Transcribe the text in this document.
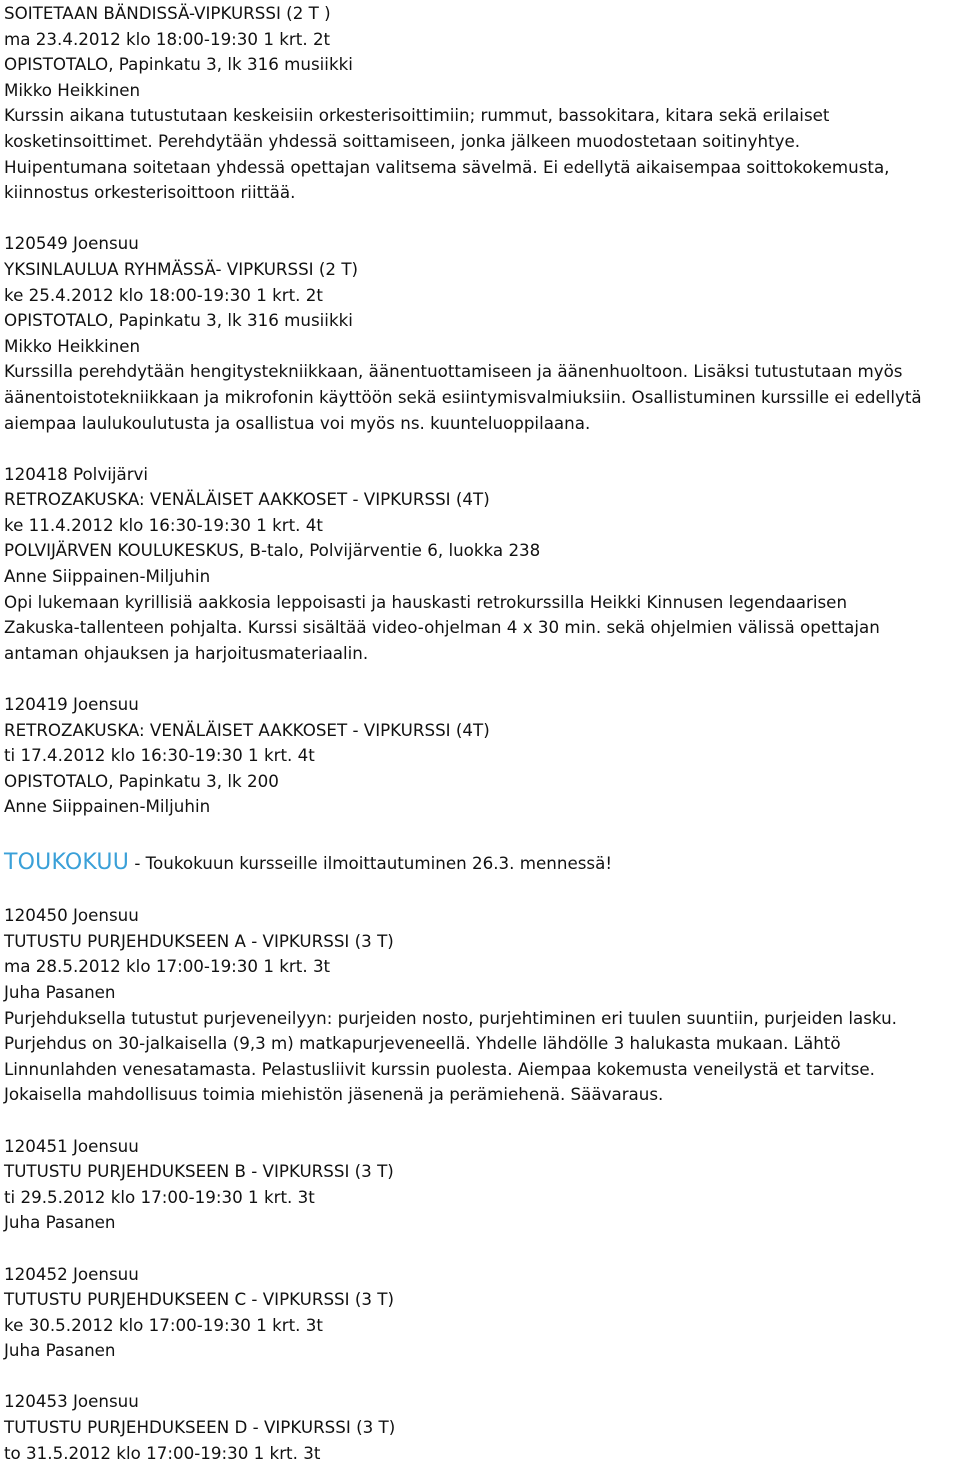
SOITETAAN BÄNDISSÄ-VIPKURSSI (2 T )
ma 23.4.2012 klo 18:00-19:30 1 krt. 2t
OPISTOTALO, Papinkatu 3, lk 316 musiikki
Mikko Heikkinen
Kurssin aikana tutustutaan keskeisiin orkesterisoittimiin; rummut, bassokitara, kitara sekä erilaiset
kosketinsoittimet. Perehdytään yhdessä soittamiseen, jonka jälkeen muodostetaan soitinyhtye.
Huipentumana soitetaan yhdessä opettajan valitsema sävelmä. Ei edellytä aikaisempaa soittokokemusta,
kiinnostus orkesterisoittoon riittää.
120549 Joensuu
YKSINLAULUA RYHMÄSSÄ- VIPKURSSI (2 T)
ke 25.4.2012 klo 18:00-19:30 1 krt. 2t
OPISTOTALO, Papinkatu 3, lk 316 musiikki
Mikko Heikkinen
Kurssilla perehdytään hengitystekniikkaan, äänentuottamiseen ja äänenhuoltoon. Lisäksi tutustutaan myös
äänentoistotekniikkaan ja mikrofonin käyttöön sekä esiintymisvalmiuksiin. Osallistuminen kurssille ei edellytä
aiempaa laulukoulutusta ja osallistua voi myös ns. kuunteluoppilaana.
120418 Polvijärvi
RETROZAKUSKA: VENÄLÄISET AAKKOSET - VIPKURSSI (4T)
ke 11.4.2012 klo 16:30-19:30 1 krt. 4t
POLVIJÄRVEN KOULUKESKUS, B-talo, Polvijärventie 6, luokka 238
Anne Siippainen-Miljuhin
Opi lukemaan kyrillisiä aakkosia leppoisasti ja hauskasti retrokurssilla Heikki Kinnusen legendaarisen
Zakuska-tallenteen pohjalta. Kurssi sisältää video-ohjelman 4 x 30 min. sekä ohjelmien välissä opettajan
antaman ohjauksen ja harjoitusmateriaalin.
120419 Joensuu
RETROZAKUSKA: VENÄLÄISET AAKKOSET - VIPKURSSI (4T)
ti 17.4.2012 klo 16:30-19:30 1 krt. 4t
OPISTOTALO, Papinkatu 3, lk 200
Anne Siippainen-Miljuhin
TOUKOKUU - Toukokuun kursseille ilmoittautuminen 26.3. mennessä!
120450 Joensuu
TUTUSTU PURJEHDUKSEEN A - VIPKURSSI (3 T)
ma 28.5.2012 klo 17:00-19:30 1 krt. 3t
Juha Pasanen
Purjehduksella tutustut purjeveneilyyn: purjeiden nosto, purjehtiminen eri tuulen suuntiin, purjeiden lasku.
Purjehdus on 30-jalkaisella (9,3 m) matkapurjeveneellä. Yhdelle lähdölle 3 halukasta mukaan. Lähtö
Linnunlahden venesatamasta. Pelastusliivit kurssin puolesta. Aiempaa kokemusta veneilystä et tarvitse.
Jokaisella mahdollisuus toimia miehistön jäsenenä ja perämiehenä. Säävaraus.
120451 Joensuu
TUTUSTU PURJEHDUKSEEN B - VIPKURSSI (3 T)
ti 29.5.2012 klo 17:00-19:30 1 krt. 3t
Juha Pasanen
120452 Joensuu
TUTUSTU PURJEHDUKSEEN C - VIPKURSSI (3 T)
ke 30.5.2012 klo 17:00-19:30 1 krt. 3t
Juha Pasanen
120453 Joensuu
TUTUSTU PURJEHDUKSEEN D - VIPKURSSI (3 T)
to 31.5.2012 klo 17:00-19:30 1 krt. 3t
